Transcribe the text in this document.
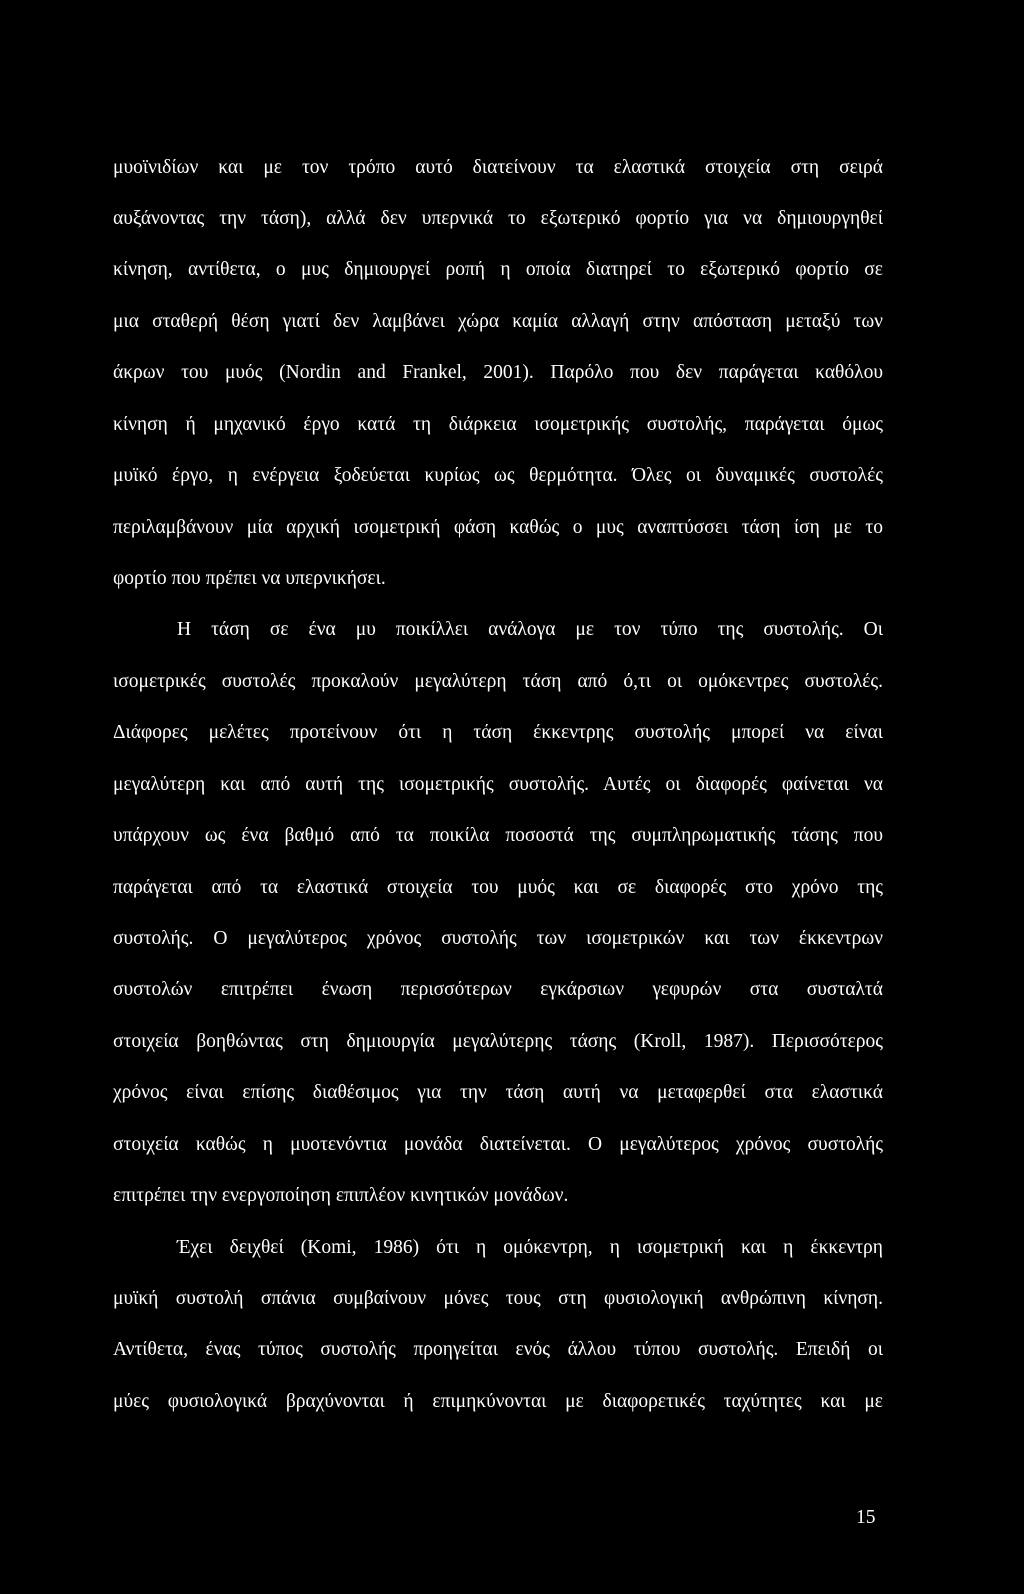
μυοϊνιδίων και με τον τρόπο αυτό διατείνουν τα ελαστικά στοιχεία στη σειρά
αυξάνοντας την τάση), αλλά δεν υπερνικά το εξωτερικό φορτίο για να δημιουργηθεί
κίνηση, αντίθετα, ο μυς δημιουργεί ροπή η οποία διατηρεί το εξωτερικό φορτίο σε
μια σταθερή θέση γιατί δεν λαμβάνει χώρα καμία αλλαγή στην απόσταση μεταξύ των
άκρων του μυός (Nordin and Frankel, 2001). Παρόλο που δεν παράγεται καθόλου
κίνηση ή μηχανικό έργο κατά τη διάρκεια ισομετρικής συστολής, παράγεται όμως
μυϊκό έργο, η ενέργεια ξοδεύεται κυρίως ως θερμότητα. Όλες οι δυναμικές συστολές
περιλαμβάνουν μία αρχική ισομετρική φάση καθώς ο μυς αναπτύσσει τάση ίση με το
φορτίο που πρέπει να υπερνικήσει.
Η τάση σε ένα μυ ποικίλλει ανάλογα με τον τύπο της συστολής. Οι
ισομετρικές συστολές προκαλούν μεγαλύτερη τάση από ό,τι οι ομόκεντρες συστολές.
Διάφορες μελέτες προτείνουν ότι η τάση έκκεντρης συστολής μπορεί να είναι
μεγαλύτερη και από αυτή της ισομετρικής συστολής. Αυτές οι διαφορές φαίνεται να
υπάρχουν ως ένα βαθμό από τα ποικίλα ποσοστά της συμπληρωματικής τάσης που
παράγεται από τα ελαστικά στοιχεία του μυός και σε διαφορές στο χρόνο της
συστολής. Ο μεγαλύτερος χρόνος συστολής των ισομετρικών και των έκκεντρων
συστολών επιτρέπει ένωση περισσότερων εγκάρσιων γεφυρών στα συσταλτά
στοιχεία βοηθώντας στη δημιουργία μεγαλύτερης τάσης (Kroll, 1987). Περισσότερος
χρόνος είναι επίσης διαθέσιμος για την τάση αυτή να μεταφερθεί στα ελαστικά
στοιχεία καθώς η μυοτενόντια μονάδα διατείνεται. Ο μεγαλύτερος χρόνος συστολής
επιτρέπει την ενεργοποίηση επιπλέον κινητικών μονάδων.
Έχει δειχθεί (Komi, 1986) ότι η ομόκεντρη, η ισομετρική και η έκκεντρη
μυϊκή συστολή σπάνια συμβαίνουν μόνες τους στη φυσιολογική ανθρώπινη κίνηση.
Αντίθετα, ένας τύπος συστολής προηγείται ενός άλλου τύπου συστολής. Επειδή οι
μύες φυσιολογικά βραχύνονται ή επιμηκύνονται με διαφορετικές ταχύτητες και με
15
